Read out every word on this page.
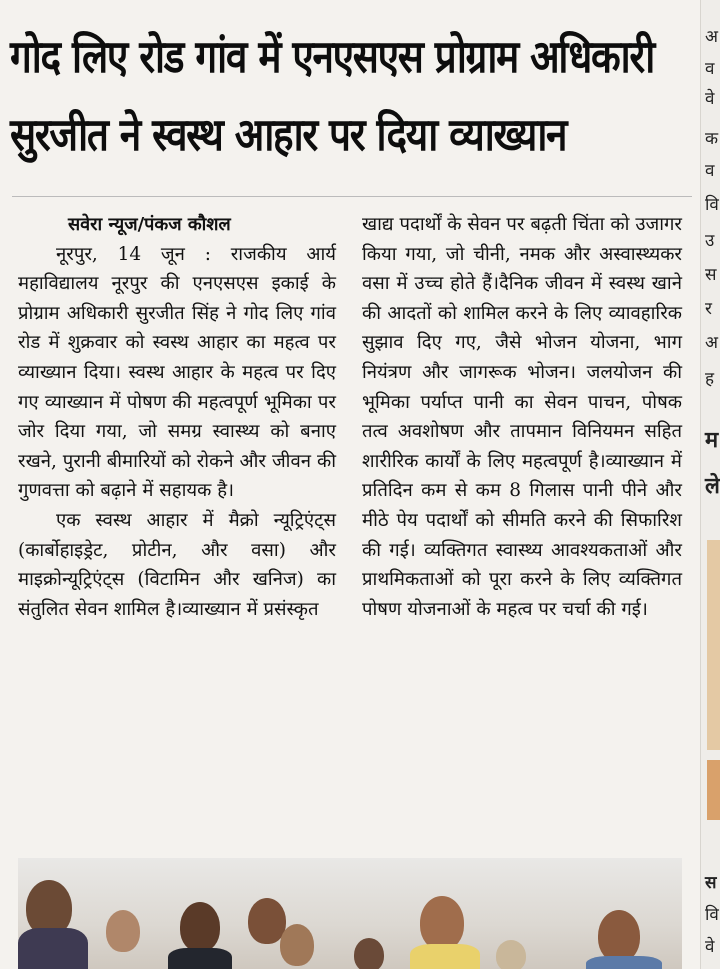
गोद लिए रोड गांव में एनएसएस प्रोग्राम अधिकारी
सुरजीत ने स्वस्थ आहार पर दिया व्याख्यान

सवेरा न्यूज/पंकज कौशल

नूरपुर, 14 जून : राजकीय आर्य महाविद्यालय नूरपुर की एनएसएस इकाई के प्रोग्राम अधिकारी सुरजीत सिंह ने गोद लिए गांव रोड में शुक्रवार को स्वस्थ आहार का महत्व पर व्याख्यान दिया। स्वस्थ आहार के महत्व पर दिए गए व्याख्यान में पोषण की महत्वपूर्ण भूमिका पर जोर दिया गया, जो समग्र स्वास्थ्य को बनाए रखने, पुरानी बीमारियों को रोकने और जीवन की गुणवत्ता को बढ़ाने में सहायक है।

एक स्वस्थ आहार में मैक्रो न्यूट्रिएंट्स (कार्बोहाइड्रेट, प्रोटीन, और वसा) और माइक्रोन्यूट्रिएंट्स (विटामिन और खनिज) का संतुलित सेवन शामिल है।व्याख्यान में प्रसंस्कृत

खाद्य पदार्थों के सेवन पर बढ़ती चिंता को उजागर किया गया, जो चीनी, नमक और अस्वास्थ्यकर वसा में उच्च होते हैं।दैनिक जीवन में स्वस्थ खाने की आदतों को शामिल करने के लिए व्यावहारिक सुझाव दिए गए, जैसे भोजन योजना, भाग नियंत्रण और जागरूक भोजन। जलयोजन की भूमिका पर्याप्त पानी का सेवन पाचन, पोषक तत्व अवशोषण और तापमान विनियमन सहित शारीरिक कार्यों के लिए महत्वपूर्ण है।व्याख्यान में प्रतिदिन कम से कम 8 गिलास पानी पीने और मीठे पेय पदार्थों को सीमति करने की सिफारिश की गई। व्यक्तिगत स्वास्थ्य आवश्यकताओं और प्राथमिकताओं को पूरा करने के लिए व्यक्तिगत पोषण योजनाओं के महत्व पर चर्चा की गई।

अ
व
वे
क
व
वि
उ
स
र
अ
ह
म
ले
स
वि
वे
